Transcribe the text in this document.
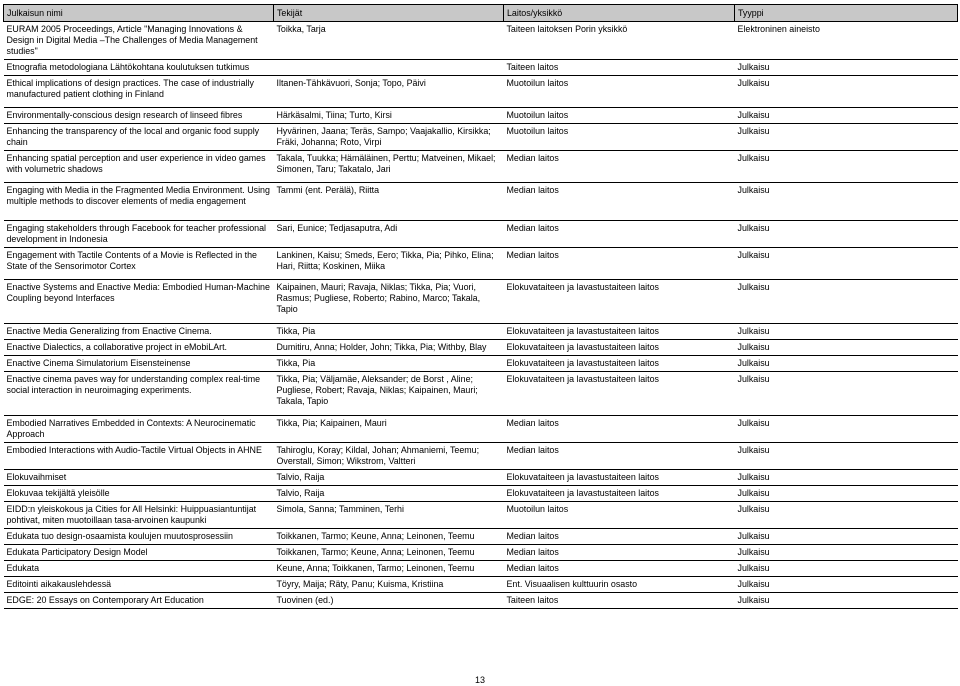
Julkaisun nimi	Tekijät	Laitos/yksikkö	Tyyppi
EURAM 2005 Proceedings, Article "Managing Innovations & Design in Digital Media –The Challenges of Media Management studies"	Toikka, Tarja	Taiteen laitoksen Porin yksikkö	Elektroninen aineisto
Etnografia metodologiana Lähtökohtana koulutuksen tutkimus		Taiteen laitos	Julkaisu
Ethical implications of design practices. The case of industrially manufactured patient clothing in Finland	Iltanen-Tähkävuori, Sonja; Topo, Päivi	Muotoilun laitos	Julkaisu
Environmentally-conscious design research of linseed fibres	Härkäsalmi, Tiina; Turto, Kirsi	Muotoilun laitos	Julkaisu
Enhancing the transparency of the local and organic food supply chain	Hyvärinen, Jaana; Teräs, Sampo; Vaajakallio, Kirsikka; Fräki, Johanna; Roto, Virpi	Muotoilun laitos	Julkaisu
Enhancing spatial perception and user experience in video games with volumetric shadows	Takala, Tuukka; Hämäläinen, Perttu; Matveinen, Mikael; Simonen, Taru; Takatalo, Jari	Median laitos	Julkaisu
Engaging with Media in the Fragmented Media Environment. Using multiple methods to discover elements of media engagement	Tammi (ent. Perälä), Riitta	Median laitos	Julkaisu
Engaging stakeholders through Facebook for teacher professional development in Indonesia	Sari, Eunice; Tedjasaputra, Adi	Median laitos	Julkaisu
Engagement with Tactile Contents of a Movie is Reflected in the State of the Sensorimotor Cortex	Lankinen, Kaisu; Smeds, Eero; Tikka, Pia; Pihko, Elina; Hari, Riitta; Koskinen, Miika	Median laitos	Julkaisu
Enactive Systems and Enactive Media: Embodied Human-Machine Coupling beyond Interfaces	Kaipainen, Mauri; Ravaja, Niklas; Tikka, Pia; Vuori, Rasmus; Pugliese, Roberto; Rabino, Marco; Takala, Tapio	Elokuvataiteen ja lavastustaiteen laitos	Julkaisu
Enactive Media Generalizing from Enactive Cinema.	Tikka, Pia	Elokuvataiteen ja lavastustaiteen laitos	Julkaisu
Enactive Dialectics, a collaborative project in eMobiLArt.	Dumitiru, Anna; Holder, John; Tikka, Pia; Withby, Blay	Elokuvataiteen ja lavastustaiteen laitos	Julkaisu
Enactive Cinema Simulatorium Eisensteinense	Tikka, Pia	Elokuvataiteen ja lavastustaiteen laitos	Julkaisu
Enactive cinema paves way for understanding complex real-time social interaction in neuroimaging experiments.	Tikka, Pia; Väljamäe, Aleksander; de Borst , Aline; Pugliese, Robert; Ravaja, Niklas; Kaipainen, Mauri; Takala, Tapio	Elokuvataiteen ja lavastustaiteen laitos	Julkaisu
Embodied Narratives Embedded in Contexts: A Neurocinematic Approach	Tikka, Pia; Kaipainen, Mauri	Median laitos	Julkaisu
Embodied Interactions with Audio-Tactile Virtual Objects in AHNE	Tahiroglu, Koray; Kildal, Johan; Ahmaniemi, Teemu; Overstall, Simon; Wikstrom, Valtteri	Median laitos	Julkaisu
Elokuvaihmiset	Talvio, Raija	Elokuvataiteen ja lavastustaiteen laitos	Julkaisu
Elokuvaa tekijältä yleisölle	Talvio, Raija	Elokuvataiteen ja lavastustaiteen laitos	Julkaisu
EIDD:n yleiskokous ja Cities for All Helsinki: Huippuasiantuntijat pohtivat, miten muotoillaan tasa-arvoinen kaupunki	Simola, Sanna; Tamminen, Terhi	Muotoilun laitos	Julkaisu
Edukata tuo design-osaamista koulujen muutosprosessiin	Toikkanen, Tarmo; Keune, Anna; Leinonen, Teemu	Median laitos	Julkaisu
Edukata Participatory Design Model	Toikkanen, Tarmo; Keune, Anna; Leinonen, Teemu	Median laitos	Julkaisu
Edukata	Keune, Anna; Toikkanen, Tarmo; Leinonen, Teemu	Median laitos	Julkaisu
Editointi aikakauslehdessä	Töyry, Maija; Räty, Panu; Kuisma, Kristiina	Ent. Visuaalisen kulttuurin osasto	Julkaisu
EDGE: 20 Essays on Contemporary Art Education	Tuovinen (ed.)	Taiteen laitos	Julkaisu
13
